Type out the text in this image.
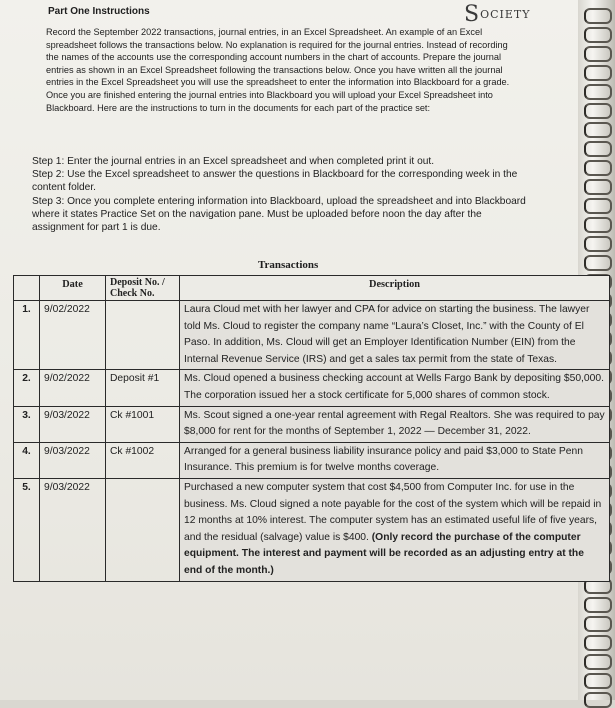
Part One Instructions	SOCIETY
Record the September 2022 transactions, journal entries, in an Excel Spreadsheet. An example of an Excel spreadsheet follows the transactions below. No explanation is required for the journal entries. Instead of recording the names of the accounts use the corresponding account numbers in the chart of accounts. Prepare the journal entries as shown in an Excel Spreadsheet following the transactions below. Once you have written all the journal entries in the Excel Spreadsheet you will use the spreadsheet to enter the information into Blackboard for a grade. Once you are finished entering the journal entries into Blackboard you will upload your Excel Spreadsheet into Blackboard. Here are the instructions to turn in the documents for each part of the practice set:

Step 1: Enter the journal entries in an Excel spreadsheet and when completed print it out.

Step 2: Use the Excel spreadsheet to answer the questions in Blackboard for the corresponding week in the content folder.

Step 3: Once you complete entering information into Blackboard, upload the spreadsheet and into Blackboard where it states Practice Set on the navigation pane. Must be uploaded before noon the day after the assignment for part 1 is due.

Transactions
	Date	Deposit No. / Check No.	Description
1.	9/02/2022		Laura Cloud met with her lawyer and CPA for advice on starting the business. The lawyer told Ms. Cloud to register the company name “Laura’s Closet, Inc.” with the County of El Paso. In addition, Ms. Cloud will get an Employer Identification Number (EIN) from the Internal Revenue Service (IRS) and get a sales tax permit from the state of Texas.
2.	9/02/2022	Deposit #1	Ms. Cloud opened a business checking account at Wells Fargo Bank by depositing $50,000. The corporation issued her a stock certificate for 5,000 shares of common stock.
3.	9/03/2022	Ck #1001	Ms. Scout signed a one-year rental agreement with Regal Realtors. She was required to pay $8,000 for rent for the months of September 1, 2022 — December 31, 2022.
4.	9/03/2022	Ck #1002	Arranged for a general business liability insurance policy and paid $3,000 to State Penn Insurance. This premium is for twelve months coverage.
5.	9/03/2022		Purchased a new computer system that cost $4,500 from Computer Inc. for use in the business. Ms. Cloud signed a note payable for the cost of the system which will be repaid in 12 months at 10% interest. The computer system has an estimated useful life of five years, and the residual (salvage) value is $400. (Only record the purchase of the computer equipment. The interest and payment will be recorded as an adjusting entry at the end of the month.)
